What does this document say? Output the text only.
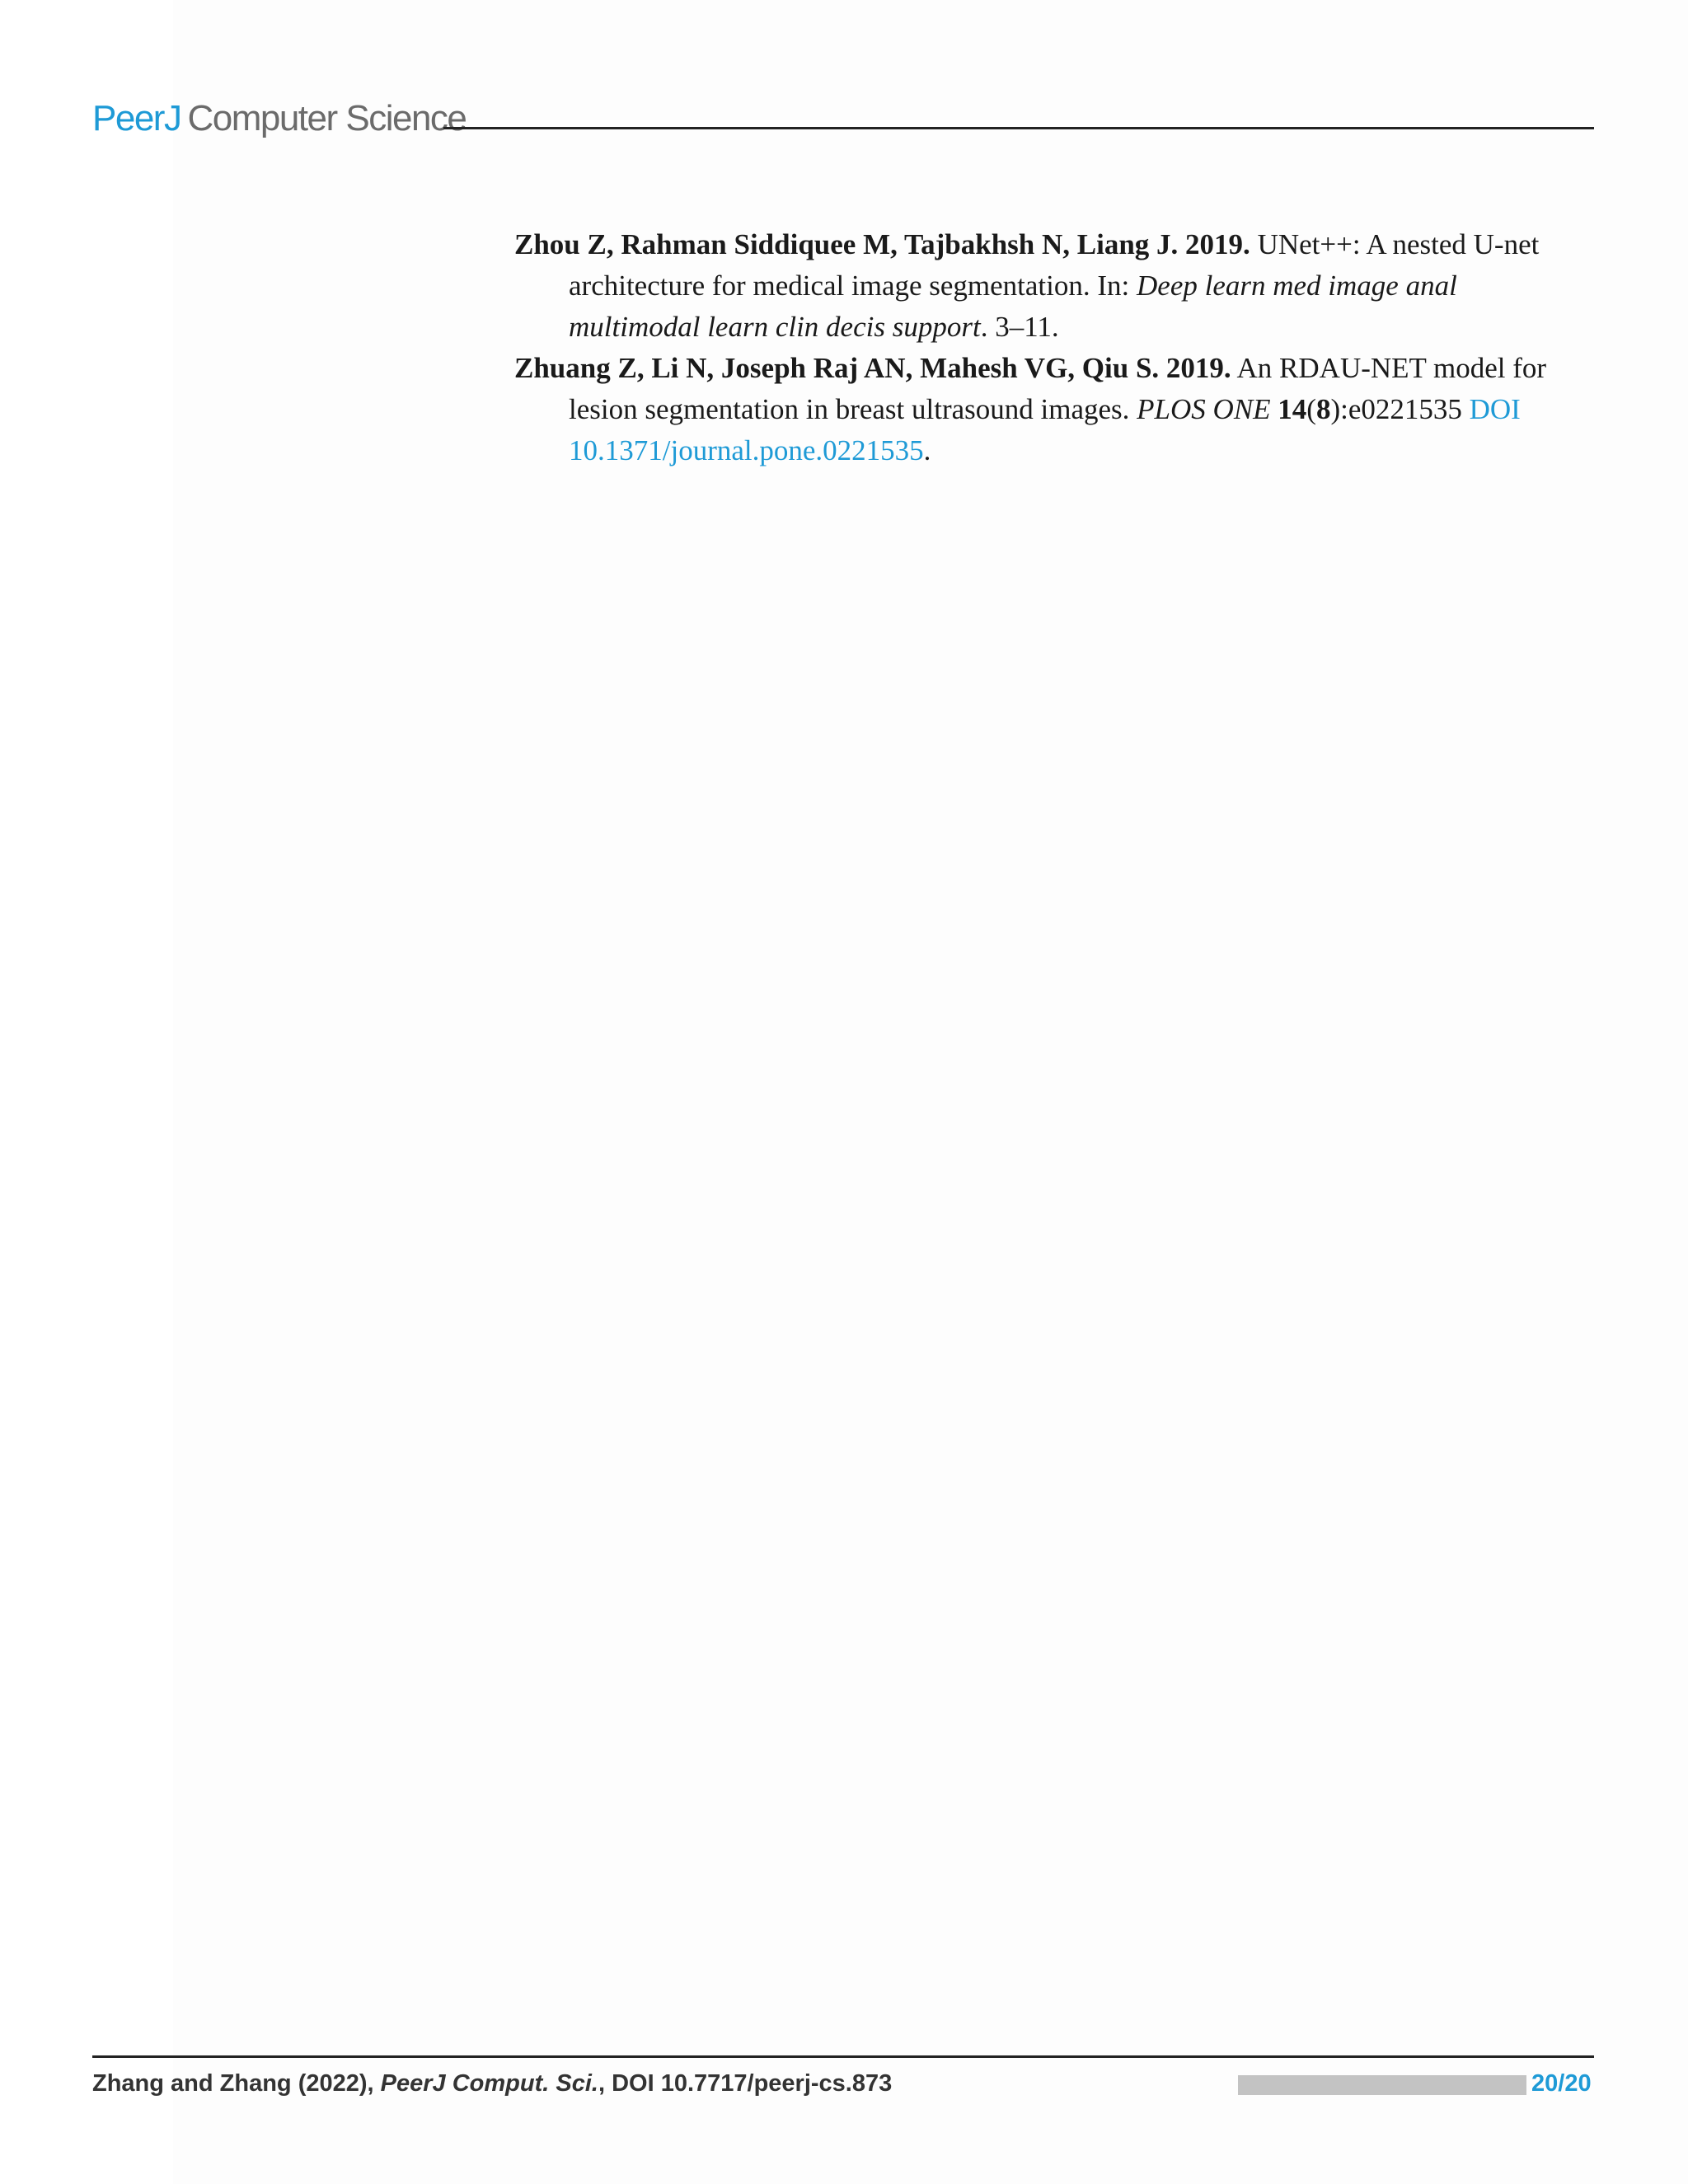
PeerJ Computer Science

Zhou Z, Rahman Siddiquee M, Tajbakhsh N, Liang J. 2019. UNet++: A nested U-net architecture for medical image segmentation. In: Deep learn med image anal multimodal learn clin decis support. 3–11.

Zhuang Z, Li N, Joseph Raj AN, Mahesh VG, Qiu S. 2019. An RDAU-NET model for lesion segmentation in breast ultrasound images. PLOS ONE 14(8):e0221535 DOI 10.1371/journal.pone.0221535.

Zhang and Zhang (2022), PeerJ Comput. Sci., DOI 10.7717/peerj-cs.873	20/20
